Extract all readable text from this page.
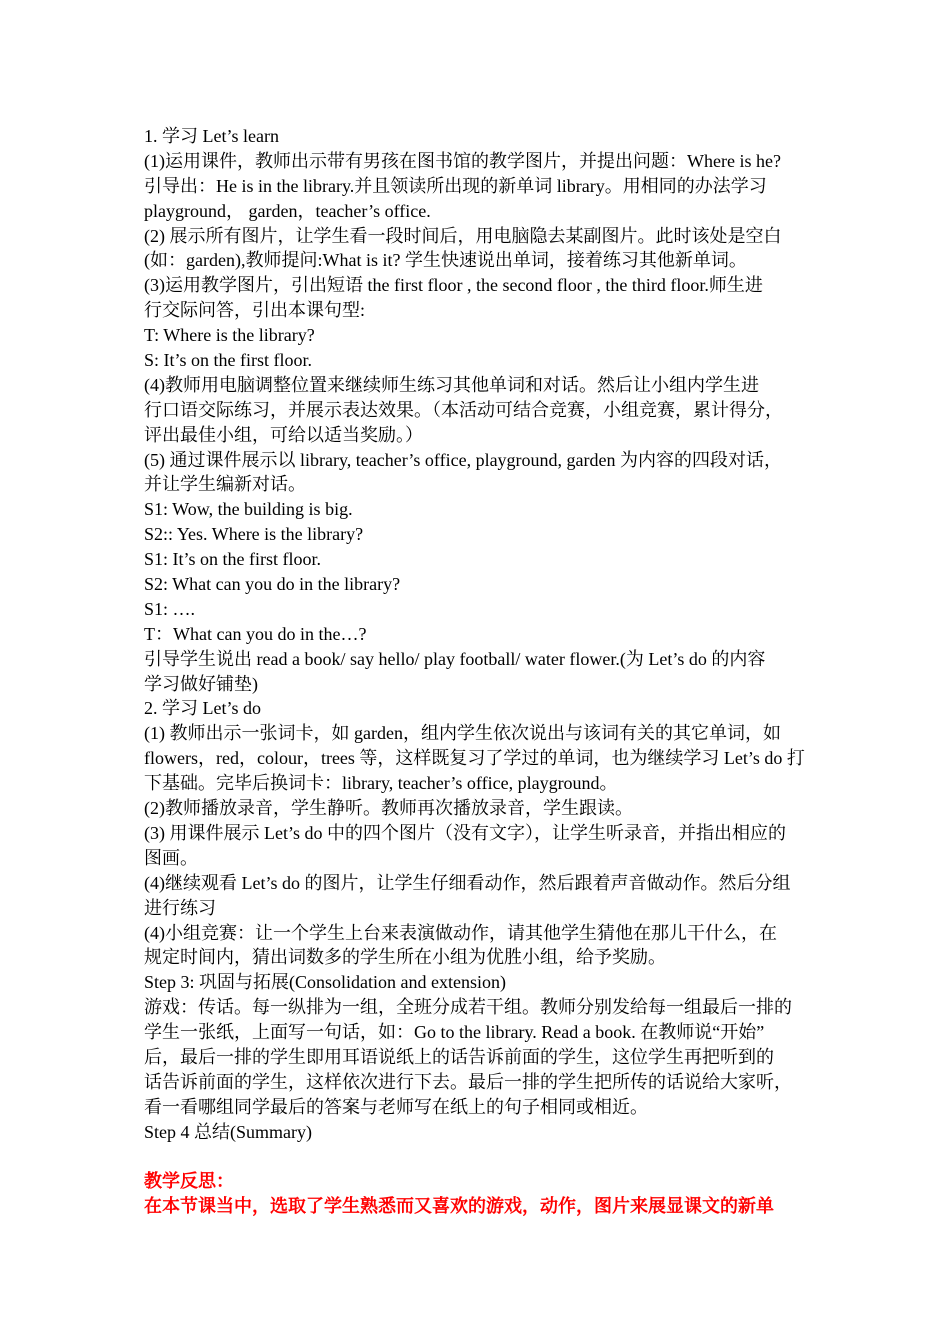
1. 学习 Let’s learn
(1)运用课件，教师出示带有男孩在图书馆的教学图片，并提出问题：Where is he?
引导出：He is in the library.并且领读所出现的新单词 library。用相同的办法学习
playground， garden，teacher’s office.
(2) 展示所有图片，让学生看一段时间后，用电脑隐去某副图片。此时该处是空白
(如：garden),教师提问:What is it? 学生快速说出单词，接着练习其他新单词。
(3)运用教学图片，引出短语 the first floor , the second floor , the third floor.师生进
行交际问答，引出本课句型:
T: Where is the library?
S: It’s on the first floor.
(4)教师用电脑调整位置来继续师生练习其他单词和对话。然后让小组内学生进
行口语交际练习，并展示表达效果。（本活动可结合竞赛，小组竞赛，累计得分，
评出最佳小组，可给以适当奖励。）
(5) 通过课件展示以 library, teacher’s office, playground, garden 为内容的四段对话，
并让学生编新对话。
S1: Wow, the building is big.
S2:: Yes. Where is the library?
S1: It’s on the first floor.
S2: What can you do in the library?
S1: ….
T：What can you do in the…?
引导学生说出 read a book/ say hello/ play football/ water flower.(为 Let’s do 的内容
学习做好铺垫)
2. 学习 Let’s do
(1) 教师出示一张词卡，如 garden，组内学生依次说出与该词有关的其它单词，如
flowers，red，colour，trees 等，这样既复习了学过的单词，也为继续学习 Let’s do 打
下基础。完毕后换词卡：library, teacher’s office, playground。
(2)教师播放录音，学生静听。教师再次播放录音，学生跟读。
(3) 用课件展示 Let’s do 中的四个图片（没有文字），让学生听录音，并指出相应的
图画。
(4)继续观看 Let’s do 的图片，让学生仔细看动作，然后跟着声音做动作。然后分组
进行练习
(4)小组竞赛：让一个学生上台来表演做动作，请其他学生猜他在那儿干什么，在
规定时间内，猜出词数多的学生所在小组为优胜小组，给予奖励。
Step 3: 巩固与拓展(Consolidation and extension)
游戏：传话。每一纵排为一组，全班分成若干组。教师分别发给每一组最后一排的
学生一张纸，上面写一句话，如：Go to the library. Read a book. 在教师说“开始”
后，最后一排的学生即用耳语说纸上的话告诉前面的学生，这位学生再把听到的
话告诉前面的学生，这样依次进行下去。最后一排的学生把所传的话说给大家听，
看一看哪组同学最后的答案与老师写在纸上的句子相同或相近。
Step 4 总结(Summary)
教学反思：
在本节课当中，选取了学生熟悉而又喜欢的游戏，动作，图片来展显课文的新单
